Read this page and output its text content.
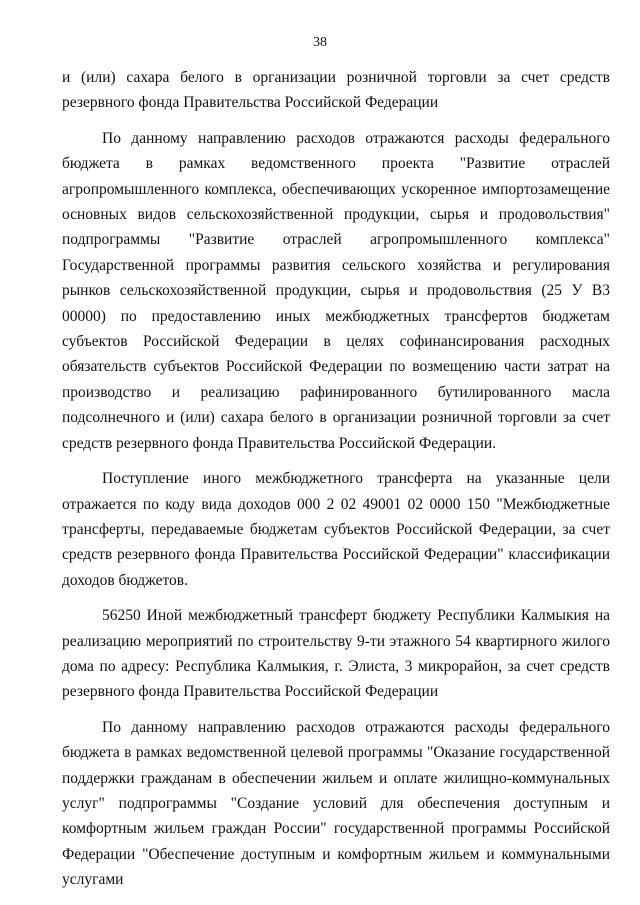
38

и (или) сахара белого в организации розничной торговли за счет средств резервного фонда Правительства Российской Федерации

По данному направлению расходов отражаются расходы федерального бюджета в рамках ведомственного проекта "Развитие отраслей агропромышленного комплекса, обеспечивающих ускоренное импортозамещение основных видов сельскохозяйственной продукции, сырья и продовольствия" подпрограммы "Развитие отраслей агропромышленного комплекса" Государственной программы развития сельского хозяйства и регулирования рынков сельскохозяйственной продукции, сырья и продовольствия (25 У В3 00000) по предоставлению иных межбюджетных трансфертов бюджетам субъектов Российской Федерации в целях софинансирования расходных обязательств субъектов Российской Федерации по возмещению части затрат на производство и реализацию рафинированного бутилированного масла подсолнечного и (или) сахара белого в организации розничной торговли за счет средств резервного фонда Правительства Российской Федерации.

Поступление иного межбюджетного трансферта на указанные цели отражается по коду вида доходов 000 2 02 49001 02 0000 150 "Межбюджетные трансферты, передаваемые бюджетам субъектов Российской Федерации, за счет средств резервного фонда Правительства Российской Федерации" классификации доходов бюджетов.

56250 Иной межбюджетный трансферт бюджету Республики Калмыкия на реализацию мероприятий по строительству 9-ти этажного 54 квартирного жилого дома по адресу: Республика Калмыкия, г. Элиста, 3 микрорайон, за счет средств резервного фонда Правительства Российской Федерации

По данному направлению расходов отражаются расходы федерального бюджета в рамках ведомственной целевой программы "Оказание государственной поддержки гражданам в обеспечении жильем и оплате жилищно-коммунальных услуг" подпрограммы "Создание условий для обеспечения доступным и комфортным жильем граждан России" государственной программы Российской Федерации "Обеспечение доступным и комфортным жильем и коммунальными услугами
